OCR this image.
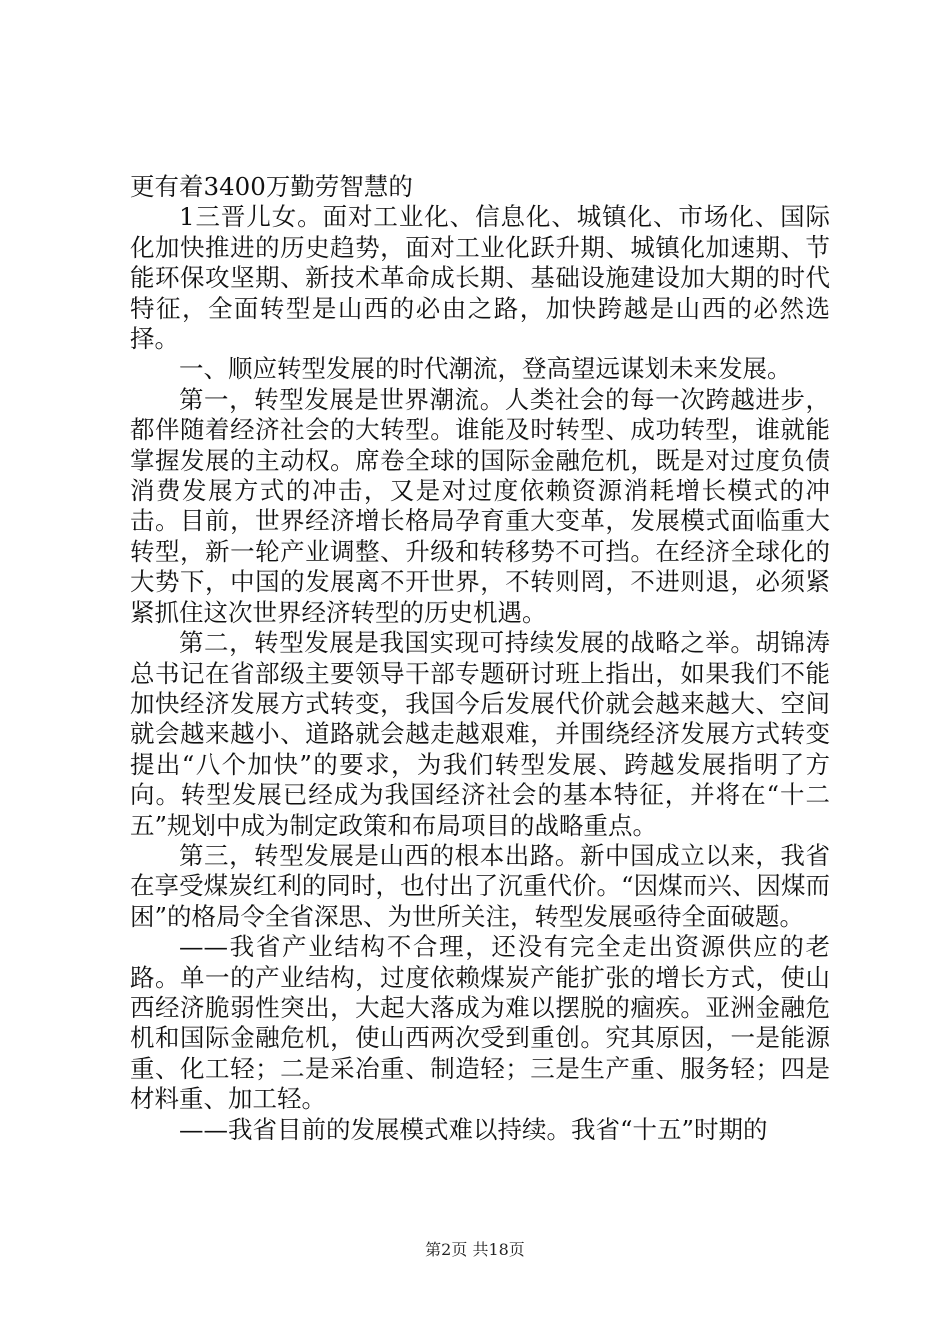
更有着3400万勤劳智慧的

1三晋儿女。面对工业化、信息化、城镇化、市场化、国际化加快推进的历史趋势，面对工业化跃升期、城镇化加速期、节能环保攻坚期、新技术革命成长期、基础设施建设加大期的时代特征，全面转型是山西的必由之路，加快跨越是山西的必然选择。

一、顺应转型发展的时代潮流，登高望远谋划未来发展。

第一，转型发展是世界潮流。人类社会的每一次跨越进步，都伴随着经济社会的大转型。谁能及时转型、成功转型，谁就能掌握发展的主动权。席卷全球的国际金融危机，既是对过度负债消费发展方式的冲击，又是对过度依赖资源消耗增长模式的冲击。目前，世界经济增长格局孕育重大变革，发展模式面临重大转型，新一轮产业调整、升级和转移势不可挡。在经济全球化的大势下，中国的发展离不开世界，不转则罔，不进则退，必须紧紧抓住这次世界经济转型的历史机遇。

第二，转型发展是我国实现可持续发展的战略之举。胡锦涛总书记在省部级主要领导干部专题研讨班上指出，如果我们不能加快经济发展方式转变，我国今后发展代价就会越来越大、空间就会越来越小、道路就会越走越艰难，并围绕经济发展方式转变提出“八个加快”的要求，为我们转型发展、跨越发展指明了方向。转型发展已经成为我国经济社会的基本特征，并将在“十二五”规划中成为制定政策和布局项目的战略重点。

第三，转型发展是山西的根本出路。新中国成立以来，我省在享受煤炭红利的同时，也付出了沉重代价。“因煤而兴、因煤而困”的格局令全省深思、为世所关注，转型发展亟待全面破题。

——我省产业结构不合理，还没有完全走出资源供应的老路。单一的产业结构，过度依赖煤炭产能扩张的增长方式，使山西经济脆弱性突出，大起大落成为难以摆脱的痼疾。亚洲金融危机和国际金融危机，使山西两次受到重创。究其原因，一是能源重、化工轻；二是采冶重、制造轻；三是生产重、服务轻；四是材料重、加工轻。

——我省目前的发展模式难以持续。我省“十五”时期的

第2页 共18页
